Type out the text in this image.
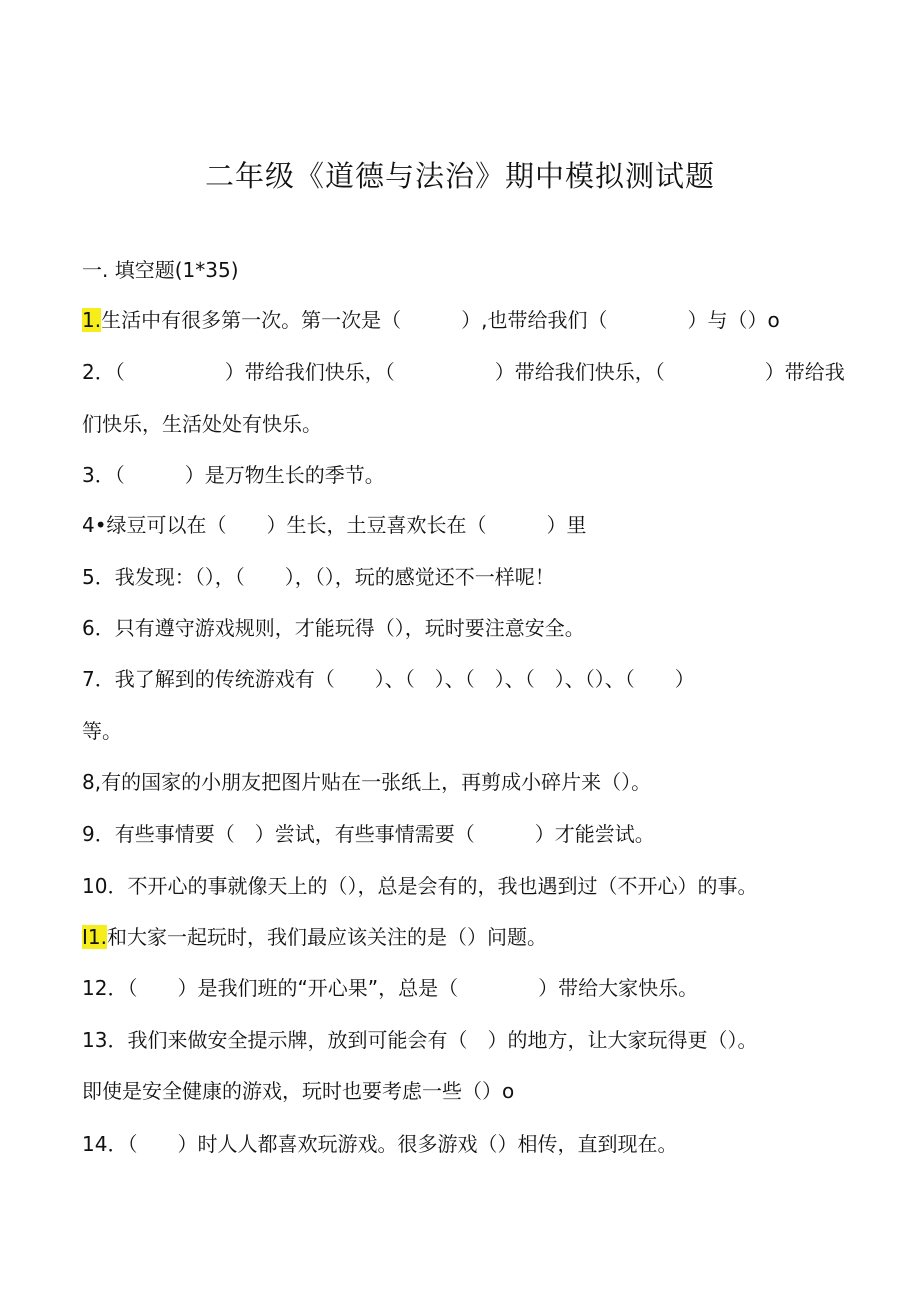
二年级《道德与法治》期中模拟测试题
一. 填空题(1*35)
1.生活中有很多第一次。第一次是（　　　）,也带给我们（　　　　）与（）o
2．（　　　　　）带给我们快乐，（　　　　　）带给我们快乐，（　　　　　）带给我
们快乐，生活处处有快乐。
3．（　　　）是万物生长的季节。
4•绿豆可以在（　　）生长，土豆喜欢长在（　　　）里
5．我发现：（），（　　），（），玩的感觉还不一样呢！
6．只有遵守游戏规则，才能玩得（），玩时要注意安全。
7．我了解到的传统游戏有（　　）、（　）、（　）、（　）、（）、（　　）
等。
8,有的国家的小朋友把图片贴在一张纸上，再剪成小碎片来（）。
9．有些事情要（　）尝试，有些事情需要（　　　）才能尝试。
10．不开心的事就像天上的（），总是会有的，我也遇到过（不开心）的事。
I1.和大家一起玩时，我们最应该关注的是（）问题。
12．（　　）是我们班的“开心果”，总是（　　　　）带给大家快乐。
13．我们来做安全提示牌，放到可能会有（　）的地方，让大家玩得更（）。
即使是安全健康的游戏，玩时也要考虑一些（）o
14．（　　）时人人都喜欢玩游戏。很多游戏（）相传，直到现在。
